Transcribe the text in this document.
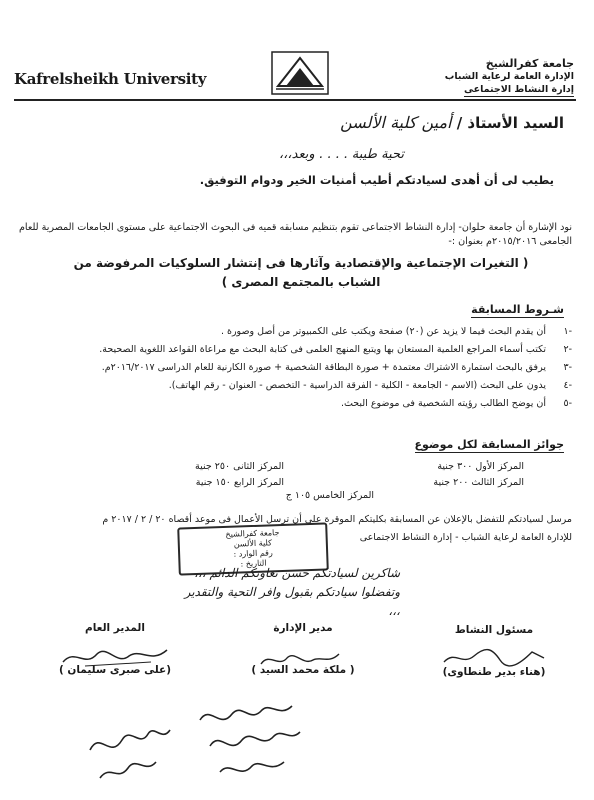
Kafrelsheikh University
جامعة كفرالشيخ
الإدارة العامة لرعاية الشباب
إدارة النشاط الاجتماعى
السيد الأستاذ / أمين كلية الألسن
تحية طيبة . . . . وبعد،،،
يطيب لى أن أهدى لسيادتكم أطيب أمنيات الخير ودوام التوفيق.
نود الإشارة أن جامعة حلوان- إدارة النشاط الاجتماعى تقوم بتنظيم مسابقه قميه فى البحوث الاجتماعية على مستوى الجامعات المصرية للعام الجامعى ٢٠١٥/٢٠١٦م بعنوان :-
( التغيرات الإجتماعية والإقتصادية وآثارها فى إنتشار السلوكيات المرفوضة من
الشباب بالمجتمع المصرى )
شـروط المسابقة
-١
أن يقدم البحث فيما لا يزيد عن (٢٠) صفحة ويكتب على الكمبيوتر من أصل وصورة .
-٢
تكتب أسماء المراجع العلمية المستعان بها ويتبع المنهج العلمى فى كتابة البحث مع مراعاة القواعد اللغوية الصحيحة.
-٣
يرفق بالبحث استمارة الاشتراك معتمدة + صورة البطاقة الشخصية + صورة الكارنية للعام الدراسى ٢٠١٦/٢٠١٧م.
-٤
يدون على البحث (الاسم - الجامعة - الكلية - الفرقة الدراسية - التخصص - العنوان - رقم الهاتف).
-٥
أن يوضح الطالب رؤيته الشخصية فى موضوع البحث.
جوائز المسابقة لكل موضوع
المركز الأول ٣٠٠ جنية
المركز الثانى ٢٥٠ جنية
المركز الثالث ٢٠٠ جنية
المركز الرابع ١٥٠ جنية
المركز الخامس ١٠٥ ج
مرسل لسيادتكم للتفضل بالإعلان عن المسابقة بكليتكم الموقرة على أن ترسل الأعمال فى موعد أقصاه ٢٠ / ٢ / ٢٠١٧ م
للإدارة العامة لرعاية الشباب - إدارة النشاط الاجتماعى
جامعة كفرالشيخ
كلية الألسن
رقم الوارد :
التاريخ :
شاكرين لسيادتكم حسن تعاونكم الدائم ،،،
وتفضلوا سيادتكم بقبول وافر التحية والتقدير ،،،
مسئول النشاط
(هناء بدير طنطاوى)
مدير الإدارة
( ملكة محمد السيد )
المدير العام
(على صبرى سليمان )
